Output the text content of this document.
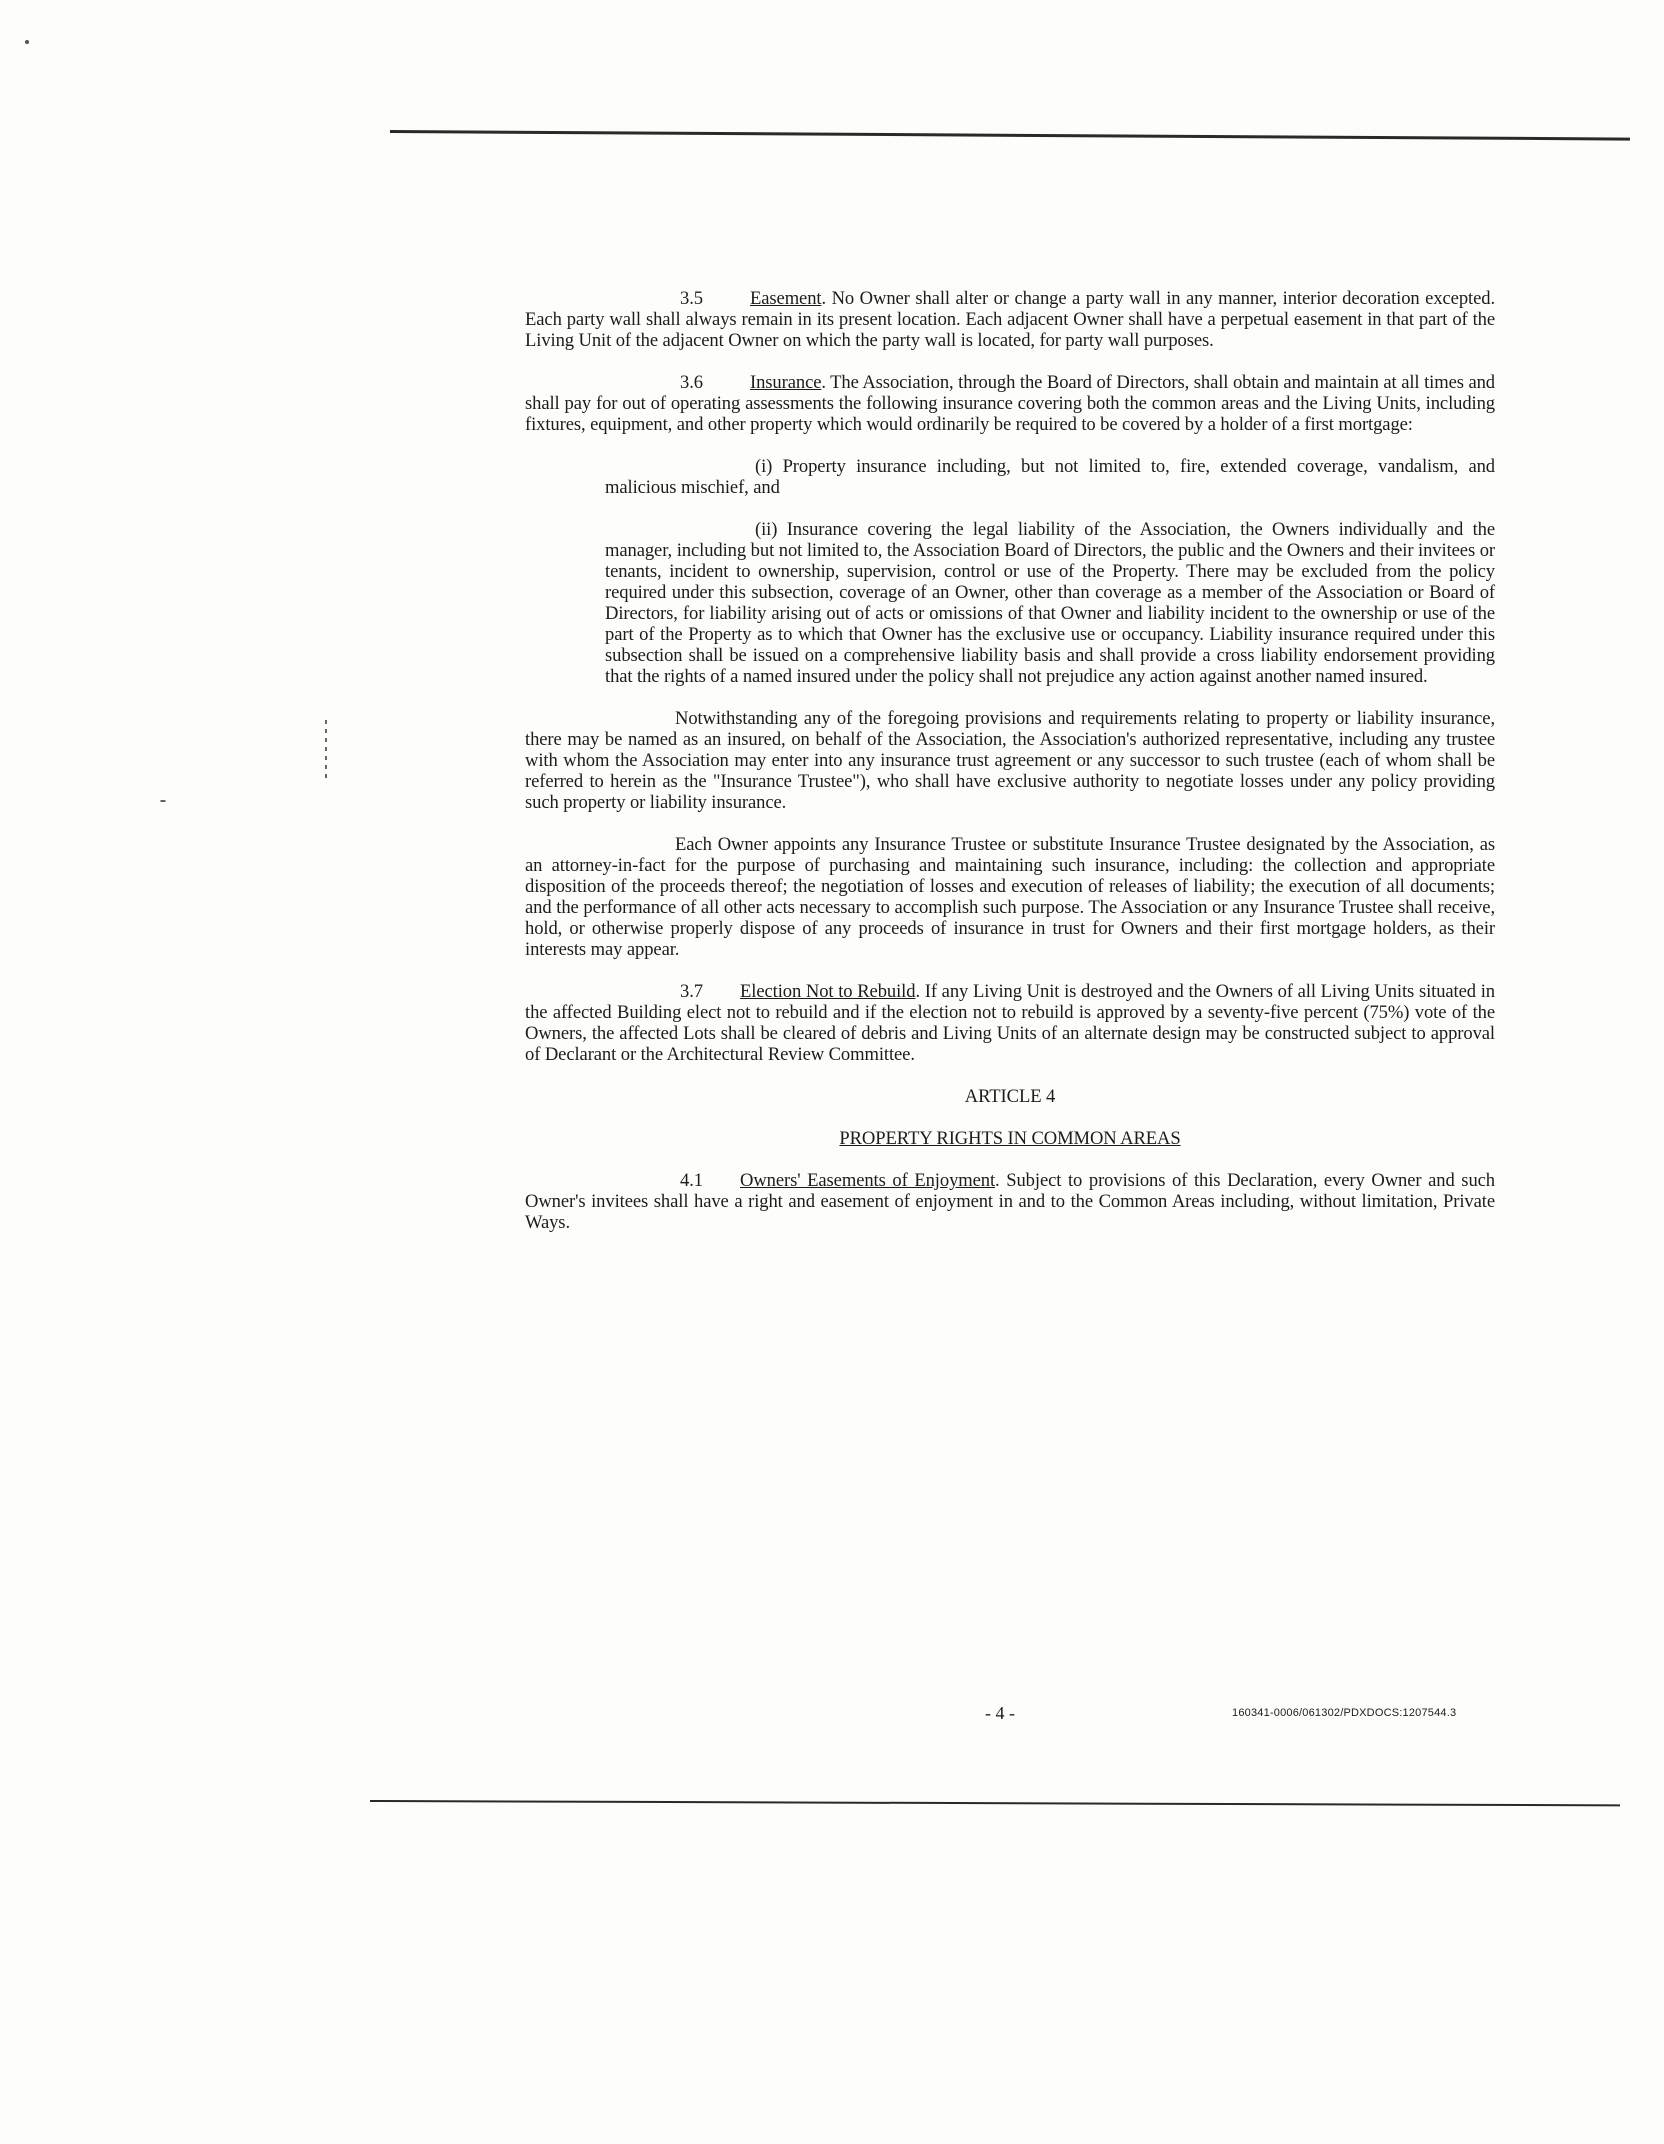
3.5	Easement. No Owner shall alter or change a party wall in any manner, interior decoration excepted. Each party wall shall always remain in its present location. Each adjacent Owner shall have a perpetual easement in that part of the Living Unit of the adjacent Owner on which the party wall is located, for party wall purposes.

3.6	Insurance. The Association, through the Board of Directors, shall obtain and maintain at all times and shall pay for out of operating assessments the following insurance covering both the common areas and the Living Units, including fixtures, equipment, and other property which would ordinarily be required to be covered by a holder of a first mortgage:

(i) Property insurance including, but not limited to, fire, extended coverage, vandalism, and malicious mischief, and

(ii) Insurance covering the legal liability of the Association, the Owners individually and the manager, including but not limited to, the Association Board of Directors, the public and the Owners and their invitees or tenants, incident to ownership, supervision, control or use of the Property. There may be excluded from the policy required under this subsection, coverage of an Owner, other than coverage as a member of the Association or Board of Directors, for liability arising out of acts or omissions of that Owner and liability incident to the ownership or use of the part of the Property as to which that Owner has the exclusive use or occupancy. Liability insurance required under this subsection shall be issued on a comprehensive liability basis and shall provide a cross liability endorsement providing that the rights of a named insured under the policy shall not prejudice any action against another named insured.

Notwithstanding any of the foregoing provisions and requirements relating to property or liability insurance, there may be named as an insured, on behalf of the Association, the Association's authorized representative, including any trustee with whom the Association may enter into any insurance trust agreement or any successor to such trustee (each of whom shall be referred to herein as the "Insurance Trustee"), who shall have exclusive authority to negotiate losses under any policy providing such property or liability insurance.

Each Owner appoints any Insurance Trustee or substitute Insurance Trustee designated by the Association, as an attorney-in-fact for the purpose of purchasing and maintaining such insurance, including: the collection and appropriate disposition of the proceeds thereof; the negotiation of losses and execution of releases of liability; the execution of all documents; and the performance of all other acts necessary to accomplish such purpose. The Association or any Insurance Trustee shall receive, hold, or otherwise properly dispose of any proceeds of insurance in trust for Owners and their first mortgage holders, as their interests may appear.

3.7 Election Not to Rebuild. If any Living Unit is destroyed and the Owners of all Living Units situated in the affected Building elect not to rebuild and if the election not to rebuild is approved by a seventy-five percent (75%) vote of the Owners, the affected Lots shall be cleared of debris and Living Units of an alternate design may be constructed subject to approval of Declarant or the Architectural Review Committee.

ARTICLE 4

PROPERTY RIGHTS IN COMMON AREAS

4.1 Owners' Easements of Enjoyment. Subject to provisions of this Declaration, every Owner and such Owner's invitees shall have a right and easement of enjoyment in and to the Common Areas including, without limitation, Private Ways.

- 4 -	160341-0006/061302/PDXDOCS:1207544.3
